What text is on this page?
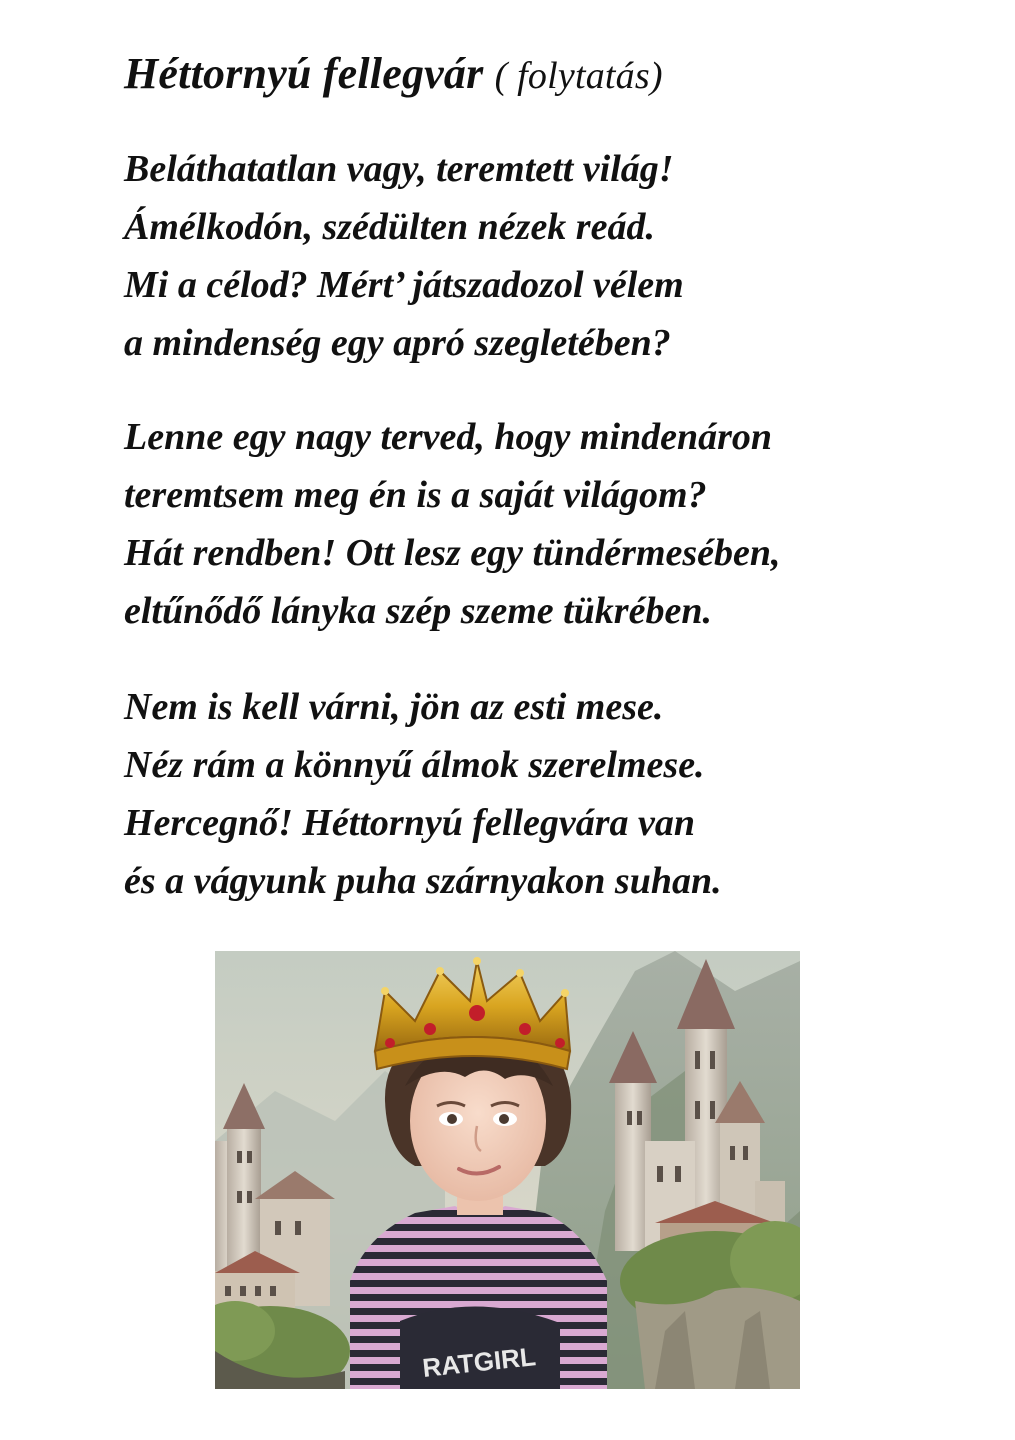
Héttornyú fellegvár ( folytatás)

Beláthatatlan vagy, teremtett világ!
Ámélkodón, szédülten nézek reád.
Mi a célod? Mért’ játszadozol vélem
a mindenség egy apró szegletében?

Lenne egy nagy terved, hogy mindenáron
teremtsem meg én is a saját világom?
Hát rendben! Ott lesz egy tündérmesében,
eltűnődő lányka szép szeme tükrében.

Nem is kell várni, jön az esti mese.
Néz rám a könnyű álmok szerelmese.
Hercegnő! Héttornyú fellegvára van
és a vágyunk puha szárnyakon suhan.

RATGIRL
